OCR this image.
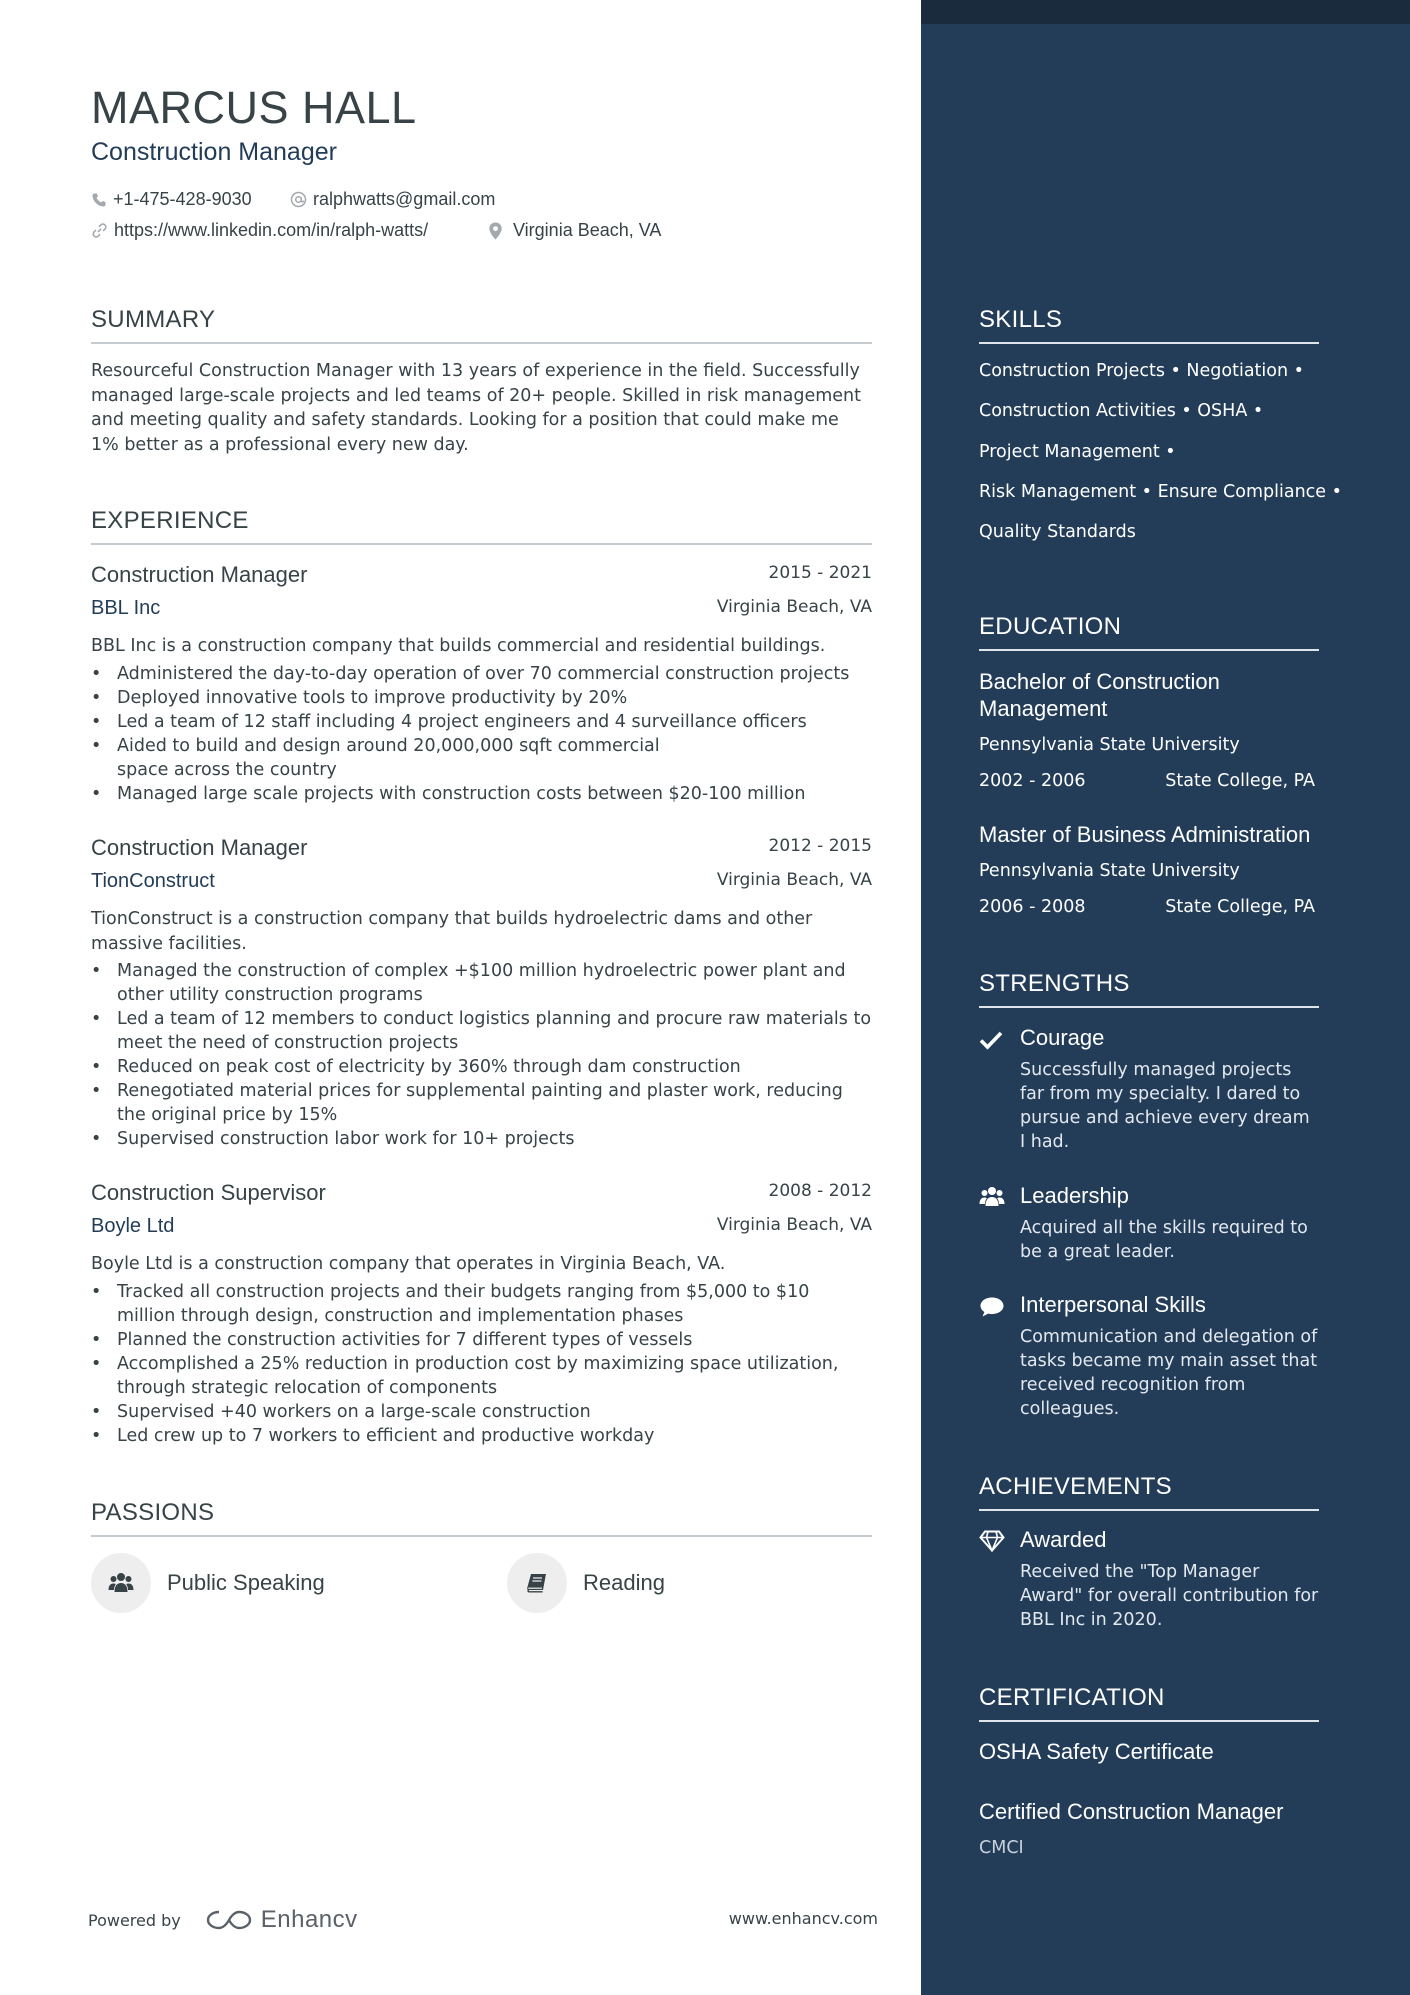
MARCUS HALL
Construction Manager
+1-475-428-9030	ralphwatts@gmail.com
https://www.linkedin.com/in/ralph-watts/	Virginia Beach, VA
SUMMARY
Resourceful Construction Manager with 13 years of experience in the field. Successfully managed large-scale projects and led teams of 20+ people. Skilled in risk management and meeting quality and safety standards. Looking for a position that could make me 1% better as a professional every new day.
EXPERIENCE
Construction Manager	2015 - 2021
BBL Inc	Virginia Beach, VA
BBL Inc is a construction company that builds commercial and residential buildings.
• Administered the day-to-day operation of over 70 commercial construction projects
• Deployed innovative tools to improve productivity by 20%
• Led a team of 12 staff including 4 project engineers and 4 surveillance officers
• Aided to build and design around 20,000,000 sqft commercial space across the country
• Managed large scale projects with construction costs between $20-100 million
Construction Manager	2012 - 2015
TionConstruct	Virginia Beach, VA
TionConstruct is a construction company that builds hydroelectric dams and other massive facilities.
• Managed the construction of complex +$100 million hydroelectric power plant and other utility construction programs
• Led a team of 12 members to conduct logistics planning and procure raw materials to meet the need of construction projects
• Reduced on peak cost of electricity by 360% through dam construction
• Renegotiated material prices for supplemental painting and plaster work, reducing the original price by 15%
• Supervised construction labor work for 10+ projects
Construction Supervisor	2008 - 2012
Boyle Ltd	Virginia Beach, VA
Boyle Ltd is a construction company that operates in Virginia Beach, VA.
• Tracked all construction projects and their budgets ranging from $5,000 to $10 million through design, construction and implementation phases
• Planned the construction activities for 7 different types of vessels
• Accomplished a 25% reduction in production cost by maximizing space utilization, through strategic relocation of components
• Supervised +40 workers on a large-scale construction
• Led crew up to 7 workers to efficient and productive workday
PASSIONS
Public Speaking	Reading
Powered by	Enhancv	www.enhancv.com
SKILLS
Construction Projects • Negotiation •
Construction Activities • OSHA •
Project Management •
Risk Management • Ensure Compliance •
Quality Standards
EDUCATION
Bachelor of Construction Management
Pennsylvania State University
2002 - 2006	State College, PA
Master of Business Administration
Pennsylvania State University
2006 - 2008	State College, PA
STRENGTHS
Courage
Successfully managed projects far from my specialty. I dared to pursue and achieve every dream I had.
Leadership
Acquired all the skills required to be a great leader.
Interpersonal Skills
Communication and delegation of tasks became my main asset that received recognition from colleagues.
ACHIEVEMENTS
Awarded
Received the "Top Manager Award" for overall contribution for BBL Inc in 2020.
CERTIFICATION
OSHA Safety Certificate
Certified Construction Manager
CMCI
